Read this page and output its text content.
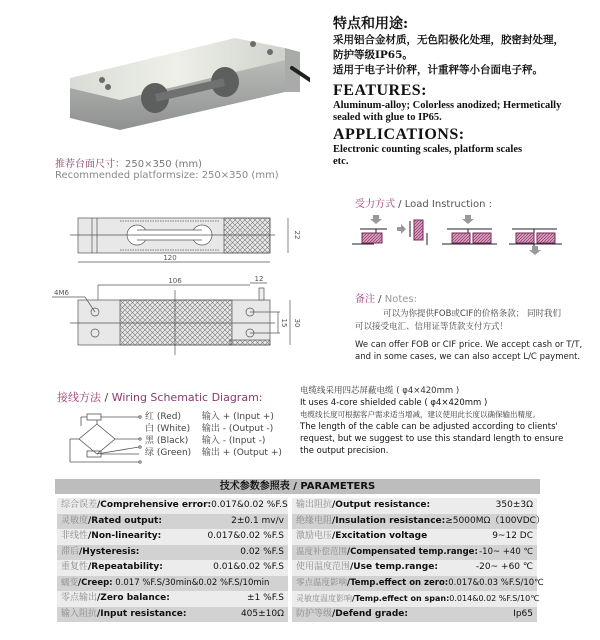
特点和用途:
采用铝合金材质，无色阳极化处理，胶密封处理，
防护等级IP65。
适用于电子计价秤，计重秤等小台面电子秤。
FEATURES:
Aluminum-alloy; Colorless anodized; Hermetically
sealed with glue to IP65.
APPLICATIONS:
Electronic counting scales, platform scales
etc.
推荐台面尺寸：250×350 (mm)
Recommended platformsize: 250×350 (mm)
120
22
106	12
4M6
15 30
受力方式 / Load Instruction :
备注 / Notes:
可以为你提供FOB或CIF的价格条款； 同时我们
可以接受电汇、信用证等货款支付方式！
We can offer FOB or CIF price. We accept cash or T/T,
and in some cases, we can also accept L/C payment.
接线方法 / Wiring Schematic Diagram:
红 (Red) 输入 + (Input +)
白 (White) 输出 - (Output -)
黑 (Black) 输入 - (Input -)
绿 (Green) 输出 + (Output +)
电缆线采用四芯屏蔽电缆 ( φ4×420mm )
It uses 4-core shielded cable ( φ4×420mm )
电缆线长度可根据客户需求适当增减，建议使用此长度以确保输出精度。
The length of the cable can be adjusted according to clients'
request, but we suggest to use this standard length to ensure
the output precision.
技术参数参照表 / PARAMETERS
综合误差/Comprehensive error: 0.017&0.02 %F.S
灵敏度/Rated output:	2±0.1 mv/v
非线性/Non-linearity:	0.017&0.02 %F.S
滞后/Hysteresis:	0.02 %F.S
重复性/Repeatability:	0.01&0.02 %F.S
蠕变/Creep: 0.017 %F.S/30min&0.02 %F.S/10min
零点输出/Zero balance:	±1 %F.S
输入阻抗/Input resistance:	405±10Ω
输出阻抗/Output resistance:	350±3Ω
绝缘电阻/Insulation resistance: ≥5000MΩ（100VDC）
激励电压/Excitation voltage	9~12 DC
温度补偿范围/Compensated temp.range: -10~ +40 ℃
使用温度范围/Use temp.range:	-20~ +60 ℃
零点温度影响/Temp.effect on zero: 0.017&0.03 %F.S/10℃
灵敏度温度影响/Temp.effect on span: 0.014&0.02 %F.S/10℃
防护等级/Defend grade:	Ip65
